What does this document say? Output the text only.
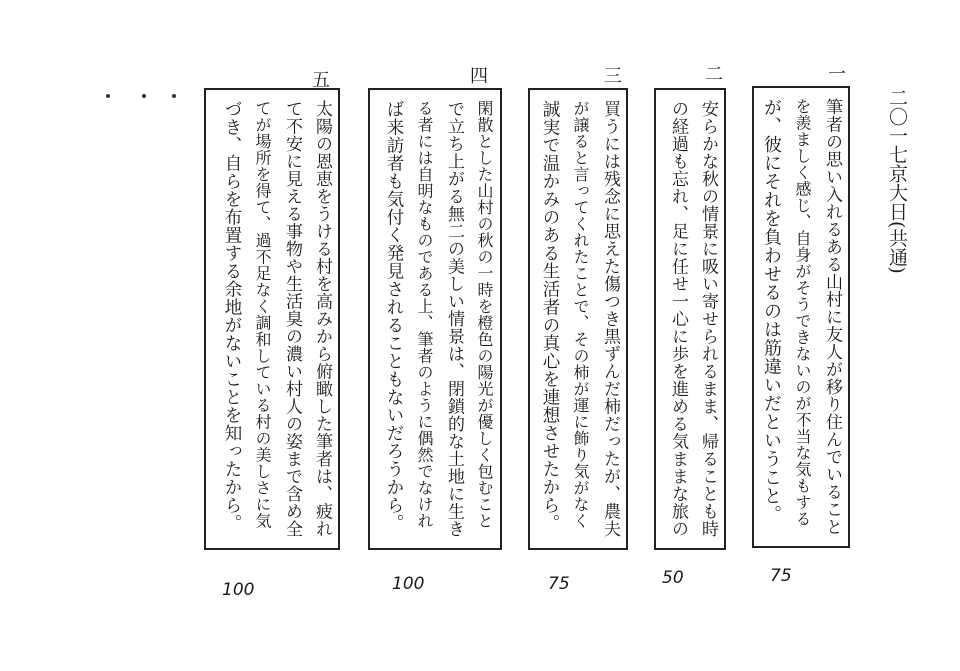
二〇一七京大日(共通)
一
筆者の思い入れるある山村に友人が移り住んでいること
を羨ましく感じ、自身がそうできないのが不当な気もする
が、彼にそれを負わせるのは筋違いだということ。
75
二
安らかな秋の情景に吸い寄せられるまま、帰ることも時
の経過も忘れ、足に任せ一心に歩を進める気ままな旅の
50
三
買うには残念に思えた傷つき黒ずんだ柿だったが、農夫
が譲ると言ってくれたことで、その柿が運に飾り気がなく
誠実で温かみのある生活者の真心を連想させたから。
75
四
閑散とした山村の秋の一時を橙色の陽光が優しく包むこと
で立ち上がる無二の美しい情景は、閉鎖的な土地に生き
る者には自明なものである上、筆者のように偶然でなけれ
ば来訪者も気付く発見されることもないだろうから。
100
五
太陽の恩恵をうける村を高みから俯瞰した筆者は、疲れ
て不安に見える事物や生活臭の濃い村人の姿まで含め全
てが場所を得て、過不足なく調和している村の美しさに気
づき、自らを布置する余地がないことを知ったから。
100
